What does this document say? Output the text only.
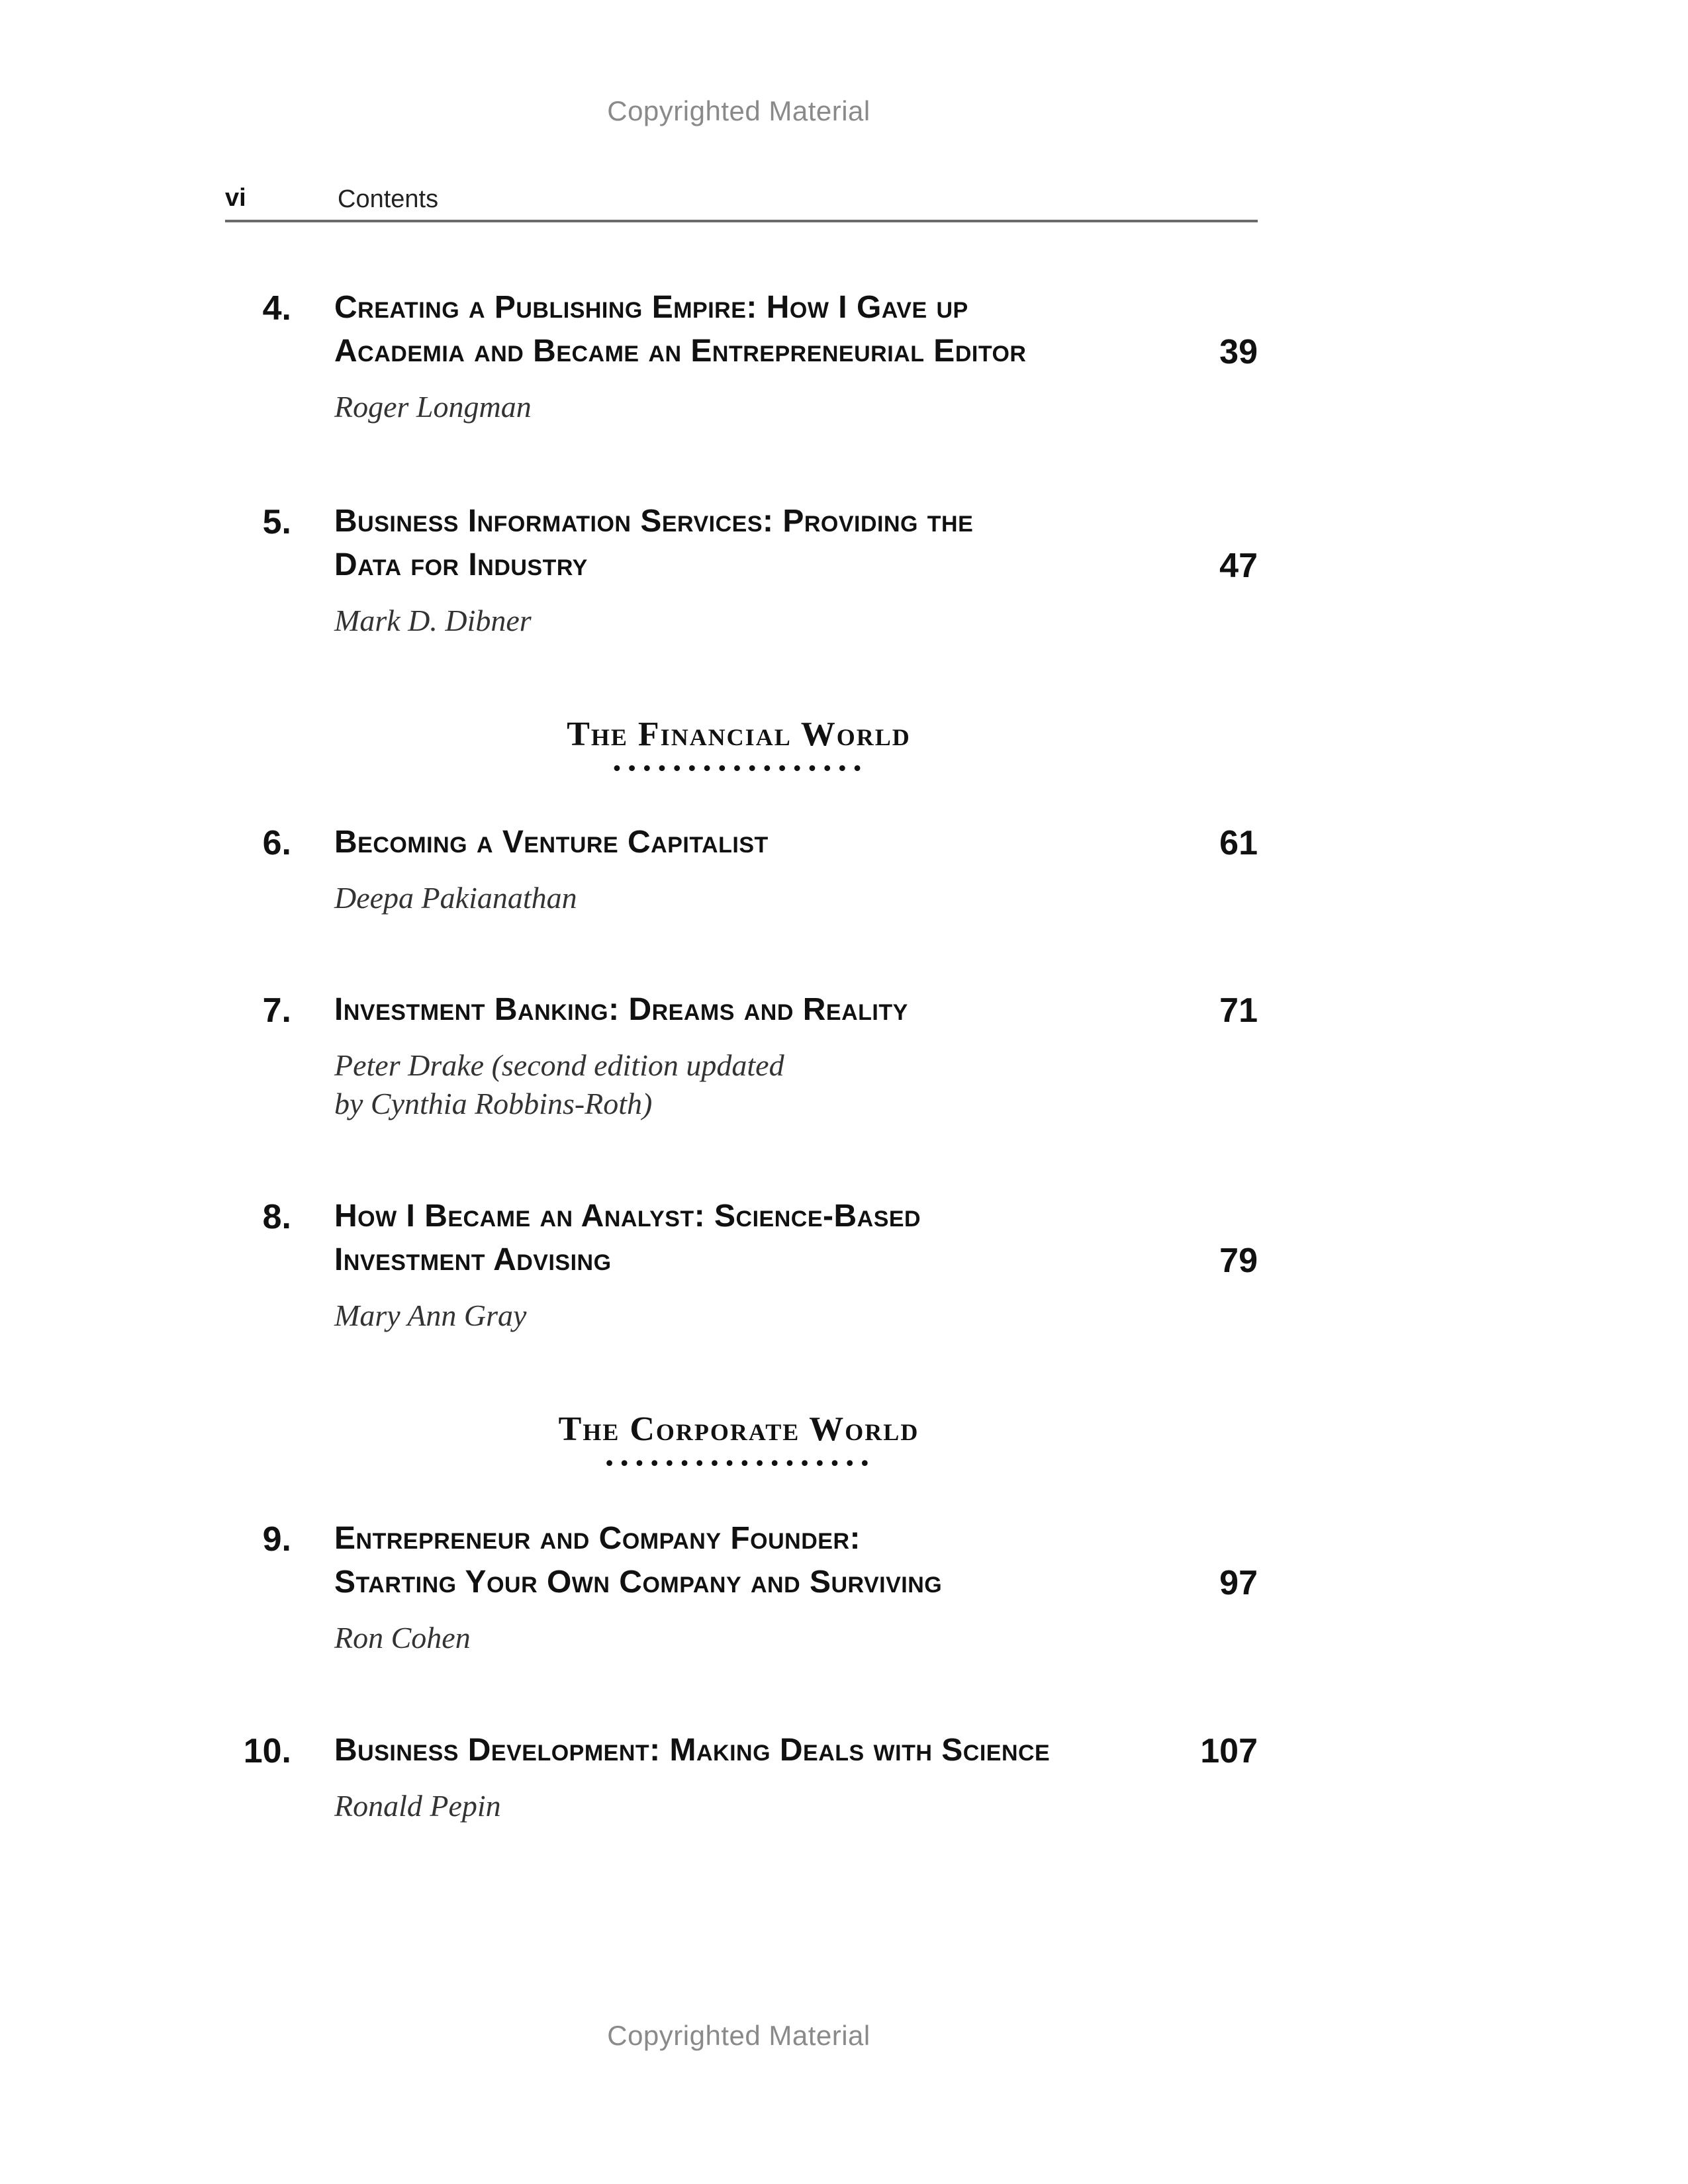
Copyrighted Material
vi	Contents
4. Creating a Publishing Empire: How I Gave up
Academia and Became an Entrepreneurial Editor	39
Roger Longman
5. Business Information Services: Providing the
Data for Industry	47
Mark D. Dibner
The Financial World
•••••••••••••••••
6. Becoming a Venture Capitalist	61
Deepa Pakianathan
7. Investment Banking: Dreams and Reality	71
Peter Drake (second edition updated
by Cynthia Robbins-Roth)
8. How I Became an Analyst: Science-Based
Investment Advising	79
Mary Ann Gray
The Corporate World
••••••••••••••••••
9. Entrepreneur and Company Founder:
Starting Your Own Company and Surviving	97
Ron Cohen
10. Business Development: Making Deals with Science	107
Ronald Pepin
Copyrighted Material
